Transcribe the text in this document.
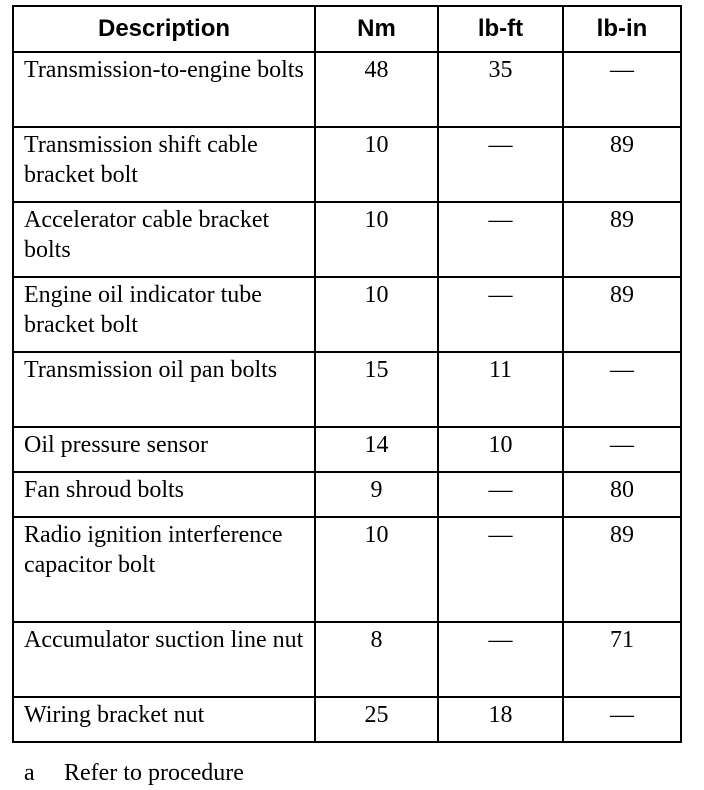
Description	Nm	lb-ft	lb-in
Transmission-to-engine bolts	48	35	—
Transmission shift cable bracket bolt	10	—	89
Accelerator cable bracket bolts	10	—	89
Engine oil indicator tube bracket bolt	10	—	89
Transmission oil pan bolts	15	11	—
Oil pressure sensor	14	10	—
Fan shroud bolts	9	—	80
Radio ignition interference capacitor bolt	10	—	89
Accumulator suction line nut	8	—	71
Wiring bracket nut	25	18	—
a Refer to procedure
